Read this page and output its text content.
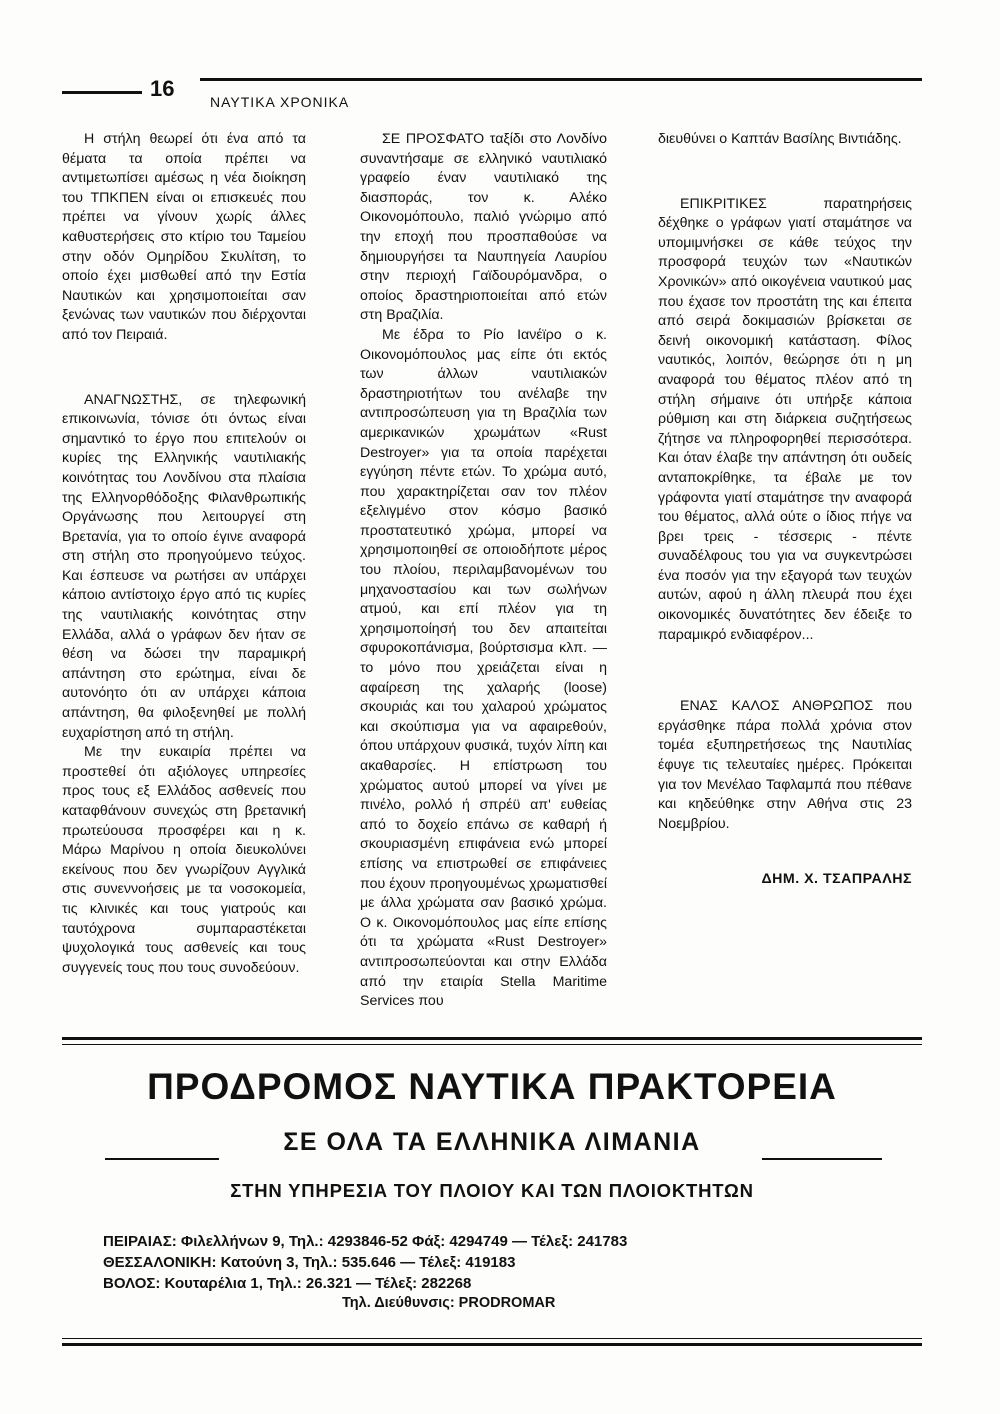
16
ΝΑΥΤΙΚΑ ΧΡΟΝΙΚΑ

Η στήλη θεωρεί ότι ένα από τα θέματα τα οποία πρέπει να αντιμετωπίσει αμέσως η νέα διοίκηση του ΤΠΚΠΕΝ είναι οι επισκευές που πρέπει να γίνουν χωρίς άλλες καθυστερήσεις στο κτίριο του Ταμείου στην οδόν Ομηρίδου Σκυλίτση, το οποίο έχει μισθωθεί από την Εστία Ναυτικών και χρησιμοποιείται σαν ξενώνας των ναυτικών που διέρχονται από τον Πειραιά.

ΑΝΑΓΝΩΣΤΗΣ, σε τηλεφωνική επικοινωνία, τόνισε ότι όντως είναι σημαντικό το έργο που επιτελούν οι κυρίες της Ελληνικής ναυτιλιακής κοινότητας του Λονδίνου στα πλαίσια της Ελληνορθόδοξης Φιλανθρωπικής Οργάνωσης που λειτουργεί στη Βρετανία, για το οποίο έγινε αναφορά στη στήλη στο προηγούμενο τεύχος. Και έσπευσε να ρωτήσει αν υπάρχει κάποιο αντίστοιχο έργο από τις κυρίες της ναυτιλιακής κοινότητας στην Ελλάδα, αλλά ο γράφων δεν ήταν σε θέση να δώσει την παραμικρή απάντηση στο ερώτημα, είναι δε αυτονόητο ότι αν υπάρχει κάποια απάντηση, θα φιλοξενηθεί με πολλή ευχαρίστηση από τη στήλη.

Με την ευκαιρία πρέπει να προστεθεί ότι αξιόλογες υπηρεσίες προς τους εξ Ελλάδος ασθενείς που καταφθάνουν συνεχώς στη βρετανική πρωτεύουσα προσφέρει και η κ. Μάρω Μαρίνου η οποία διευκολύνει εκείνους που δεν γνωρίζουν Αγγλικά στις συνεννοήσεις με τα νοσοκομεία, τις κλινικές και τους γιατρούς και ταυτόχρονα συμπαραστέκεται ψυχολογικά τους ασθενείς και τους συγγενείς τους που τους συνοδεύουν.

ΣΕ ΠΡΟΣΦΑΤΟ ταξίδι στο Λονδίνο συναντήσαμε σε ελληνικό ναυτιλιακό γραφείο έναν ναυτιλιακό της διασποράς, τον κ. Αλέκο Οικονομόπουλο, παλιό γνώριμο από την εποχή που προσπαθούσε να δημιουργήσει τα Ναυπηγεία Λαυρίου στην περιοχή Γαϊδουρόμανδρα, ο οποίος δραστηριοποιείται από ετών στη Βραζιλία.

Με έδρα το Ρίο Ιανέϊρο ο κ. Οικονομόπουλος μας είπε ότι εκτός των άλλων ναυτιλιακών δραστηριοτήτων του ανέλαβε την αντιπροσώπευση για τη Βραζιλία των αμερικανικών χρωμάτων «Rust Destroyer» για τα οποία παρέχεται εγγύηση πέντε ετών. Το χρώμα αυτό, που χαρακτηρίζεται σαν τον πλέον εξελιγμένο στον κόσμο βασικό προστατευτικό χρώμα, μπορεί να χρησιμοποιηθεί σε οποιοδήποτε μέρος του πλοίου, περιλαμβανομένων του μηχανοστασίου και των σωλήνων ατμού, και επί πλέον για τη χρησιμοποίησή του δεν απαιτείται σφυροκοπάνισμα, βούρτσισμα κλπ. — το μόνο που χρειάζεται είναι η αφαίρεση της χαλαρής (loose) σκουριάς και του χαλαρού χρώματος και σκούπισμα για να αφαιρεθούν, όπου υπάρχουν φυσικά, τυχόν λίπη και ακαθαρσίες. Η επίστρωση του χρώματος αυτού μπορεί να γίνει με πινέλο, ρολλό ή σπρέϋ απ' ευθείας από το δοχείο επάνω σε καθαρή ή σκουριασμένη επιφάνεια ενώ μπορεί επίσης να επιστρωθεί σε επιφάνειες που έχουν προηγουμένως χρωματισθεί με άλλα χρώματα σαν βασικό χρώμα. Ο κ. Οικονομόπουλος μας είπε επίσης ότι τα χρώματα «Rust Destroyer» αντιπροσωπεύονται και στην Ελλάδα από την εταιρία Stella Maritime Services που

διευθύνει ο Καπτάν Βασίλης Βιντιάδης.

ΕΠΙΚΡΙΤΙΚΕΣ παρατηρήσεις δέχθηκε ο γράφων γιατί σταμάτησε να υπομιμνήσκει σε κάθε τεύχος την προσφορά τευχών των «Ναυτικών Χρονικών» από οικογένεια ναυτικού μας που έχασε τον προστάτη της και έπειτα από σειρά δοκιμασιών βρίσκεται σε δεινή οικονομική κατάσταση. Φίλος ναυτικός, λοιπόν, θεώρησε ότι η μη αναφορά του θέματος πλέον από τη στήλη σήμαινε ότι υπήρξε κάποια ρύθμιση και στη διάρκεια συζητήσεως ζήτησε να πληροφορηθεί περισσότερα. Και όταν έλαβε την απάντηση ότι ουδείς ανταποκρίθηκε, τα έβαλε με τον γράφοντα γιατί σταμάτησε την αναφορά του θέματος, αλλά ούτε ο ίδιος πήγε να βρει τρεις - τέσσερις - πέντε συναδέλφους του για να συγκεντρώσει ένα ποσόν για την εξαγορά των τευχών αυτών, αφού η άλλη πλευρά που έχει οικονομικές δυνατότητες δεν έδειξε το παραμικρό ενδιαφέρον...

ΕΝΑΣ ΚΑΛΟΣ ΑΝΘΡΩΠΟΣ που εργάσθηκε πάρα πολλά χρόνια στον τομέα εξυπηρετήσεως της Ναυτιλίας έφυγε τις τελευταίες ημέρες. Πρόκειται για τον Μενέλαο Ταφλαμπά που πέθανε και κηδεύθηκε στην Αθήνα στις 23 Νοεμβρίου.

ΔΗΜ. Χ. ΤΣΑΠΡΑΛΗΣ

ΠΡΟΔΡΟΜΟΣ ΝΑΥΤΙΚΑ ΠΡΑΚΤΟΡΕΙΑ
ΣΕ ΟΛΑ ΤΑ ΕΛΛΗΝΙΚΑ ΛΙΜΑΝΙΑ
ΣΤΗΝ ΥΠΗΡΕΣΙΑ ΤΟΥ ΠΛΟΙΟΥ ΚΑΙ ΤΩΝ ΠΛΟΙΟΚΤΗΤΩΝ
ΠΕΙΡΑΙΑΣ: Φιλελλήνων 9, Τηλ.: 4293846-52 Φάξ: 4294749 — Τέλεξ: 241783
ΘΕΣΣΑΛΟΝΙΚΗ: Κατούνη 3, Τηλ.: 535.646 — Τέλεξ: 419183
ΒΟΛΟΣ: Κουταρέλια 1, Τηλ.: 26.321 — Τέλεξ: 282268
Τηλ. Διεύθυνσις: PRODROMAR
